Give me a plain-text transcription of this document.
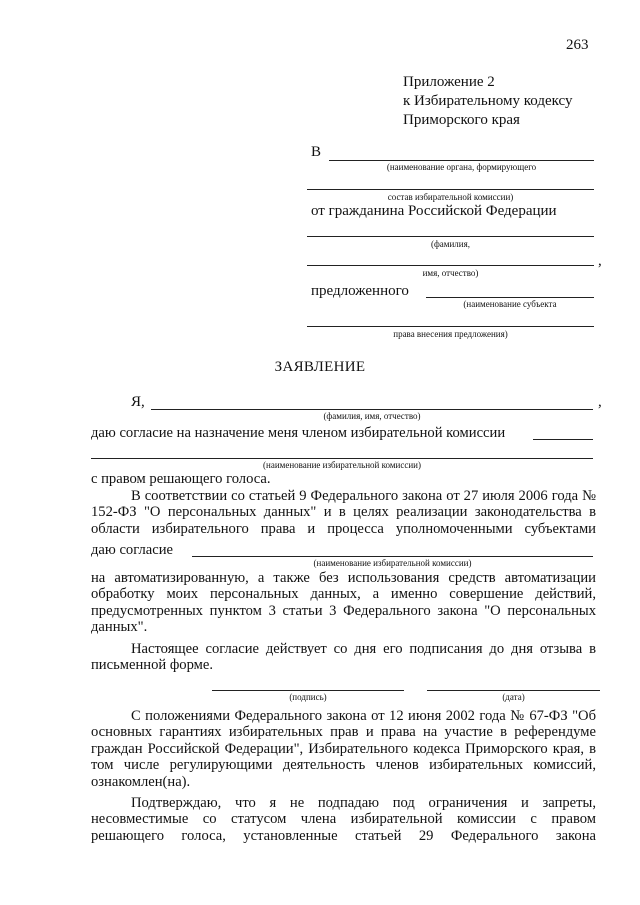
263
Приложение 2
к Избирательному кодексу
Приморского края
В
(наименование органа, формирующего
состав избирательной комиссии)
от гражданина Российской Федерации
(фамилия,
,
имя, отчество)
предложенного
(наименование субъекта
права внесения предложения)
ЗАЯВЛЕНИЕ
Я,	,
(фамилия, имя, отчество)
даю согласие на назначение меня членом избирательной комиссии
(наименование избирательной комиссии)
с правом решающего голоса.

В соответствии со статьей 9 Федерального закона от 27 июля 2006 года № 152-ФЗ "О персональных данных" и в целях реализации законодательства в области избирательного права и процесса уполномоченными субъектами

даю согласие
(наименование избирательной комиссии)

на автоматизированную, а также без использования средств автоматизации обработку моих персональных данных, а именно совершение действий, предусмотренных пунктом 3 статьи 3 Федерального закона "О персональных данных".

Настоящее согласие действует со дня его подписания до дня отзыва в письменной форме.

(подпись)	(дата)

С положениями Федерального закона от 12 июня 2002 года № 67-ФЗ "Об основных гарантиях избирательных прав и права на участие в референдуме граждан Российской Федерации", Избирательного кодекса Приморского края, в том числе регулирующими деятельность членов избирательных комиссий, ознакомлен(на).

Подтверждаю, что я не подпадаю под ограничения и запреты, несовместимые со статусом члена избирательной комиссии с правом решающего голоса, установленные статьей 29 Федерального закона
